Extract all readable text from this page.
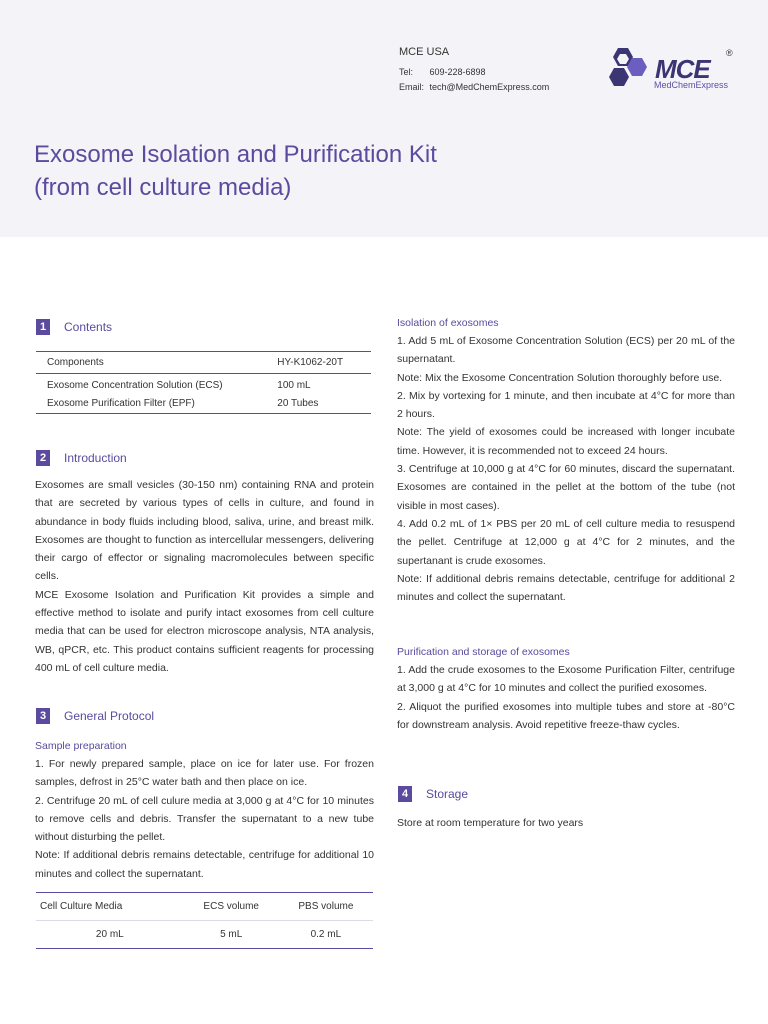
MCE USA
Tel: 609-228-6898
Email: tech@MedChemExpress.com
MCE
®
MedChemExpress
Exosome Isolation and Purification Kit
(from cell culture media)
1	Contents
Components	HY-K1062-20T
Exosome Concentration Solution (ECS)	100 mL
Exosome Purification Filter (EPF)	20 Tubes
2	Introduction

Exosomes are small vesicles (30-150 nm) containing RNA and protein that are secreted by various types of cells in culture, and found in abundance in body fluids including blood, saliva, urine, and breast milk. Exosomes are thought to function as intercellular messengers, delivering their cargo of effector or signaling macromolecules between specific cells.

MCE Exosome Isolation and Purification Kit provides a simple and effective method to isolate and purify intact exosomes from cell culture media that can be used for electron microscope analysis, NTA analysis, WB, qPCR, etc. This product contains sufficient reagents for processing 400 mL of cell culture media.

3	General Protocol
Sample preparation

1. For newly prepared sample, place on ice for later use. For frozen samples, defrost in 25°C water bath and then place on ice.

2. Centrifuge 20 mL of cell culure media at 3,000 g at 4°C for 10 minutes to remove cells and debris. Transfer the supernatant to a new tube without disturbing the pellet.

Note: If additional debris remains detectable, centrifuge for additional 10 minutes and collect the supernatant.

Cell Culture Media	ECS volume	PBS volume
20 mL	5 mL	0.2 mL
Isolation of exosomes

1. Add 5 mL of Exosome Concentration Solution (ECS) per 20 mL of the supernatant.

Note: Mix the Exosome Concentration Solution thoroughly before use.

2. Mix by vortexing for 1 minute, and then incubate at 4°C for more than 2 hours.

Note: The yield of exosomes could be increased with longer incubate time. However, it is recommended not to exceed 24 hours.

3. Centrifuge at 10,000 g at 4°C for 60 minutes, discard the supernatant. Exosomes are contained in the pellet at the bottom of the tube (not visible in most cases).

4. Add 0.2 mL of 1× PBS per 20 mL of cell culture media to resuspend the pellet. Centrifuge at 12,000 g at 4°C for 2 minutes, and the supertanant is crude exosomes.

Note: If additional debris remains detectable, centrifuge for additional 2 minutes and collect the supernatant.

Purification and storage of exosomes

1. Add the crude exosomes to the Exosome Purification Filter, centrifuge at 3,000 g at 4°C for 10 minutes and collect the purified exosomes.

2. Aliquot the purified exosomes into multiple tubes and store at -80°C for downstream analysis. Avoid repetitive freeze-thaw cycles.

4	Storage

Store at room temperature for two years
